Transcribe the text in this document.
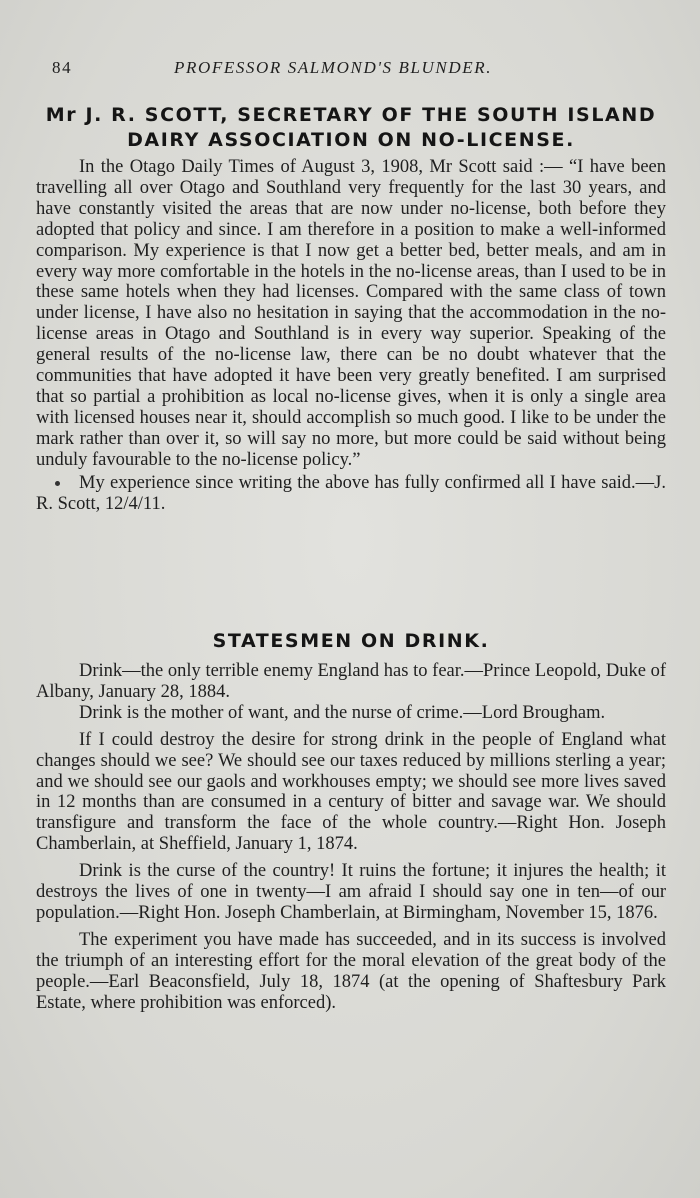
84	PROFESSOR SALMOND'S BLUNDER.
Mr J. R. SCOTT, SECRETARY OF THE SOUTH ISLAND
DAIRY ASSOCIATION ON NO-LICENSE.

In the Otago Daily Times of August 3, 1908, Mr Scott said :— “I have been travelling all over Otago and Southland very frequently for the last 30 years, and have constantly visited the areas that are now under no-license, both before they adopted that policy and since. I am therefore in a position to make a well-informed comparison. My experience is that I now get a better bed, better meals, and am in every way more comfortable in the hotels in the no-license areas, than I used to be in these same hotels when they had licenses. Compared with the same class of town under license, I have also no hesitation in saying that the accommodation in the no-license areas in Otago and Southland is in every way superior. Speaking of the general results of the no-license law, there can be no doubt whatever that the communities that have adopted it have been very greatly benefited. I am surprised that so partial a prohibition as local no-license gives, when it is only a single area with licensed houses near it, should accomplish so much good. I like to be under the mark rather than over it, so will say no more, but more could be said without being unduly favourable to the no-license policy.”

My experience since writing the above has fully confirmed all I have said.—J. R. Scott, 12/4/11.

STATESMEN ON DRINK.

Drink—the only terrible enemy England has to fear.—Prince Leopold, Duke of Albany, January 28, 1884.

Drink is the mother of want, and the nurse of crime.—Lord Brougham.

If I could destroy the desire for strong drink in the people of England what changes should we see? We should see our taxes reduced by millions sterling a year; and we should see our gaols and workhouses empty; we should see more lives saved in 12 months than are consumed in a century of bitter and savage war. We should transfigure and transform the face of the whole country.—Right Hon. Joseph Chamberlain, at Sheffield, January 1, 1874.

Drink is the curse of the country! It ruins the fortune; it injures the health; it destroys the lives of one in twenty—I am afraid I should say one in ten—of our population.—Right Hon. Joseph Chamberlain, at Birmingham, November 15, 1876.

The experiment you have made has succeeded, and in its success is involved the triumph of an interesting effort for the moral elevation of the great body of the people.—Earl Beaconsfield, July 18, 1874 (at the opening of Shaftesbury Park Estate, where prohibition was enforced).
